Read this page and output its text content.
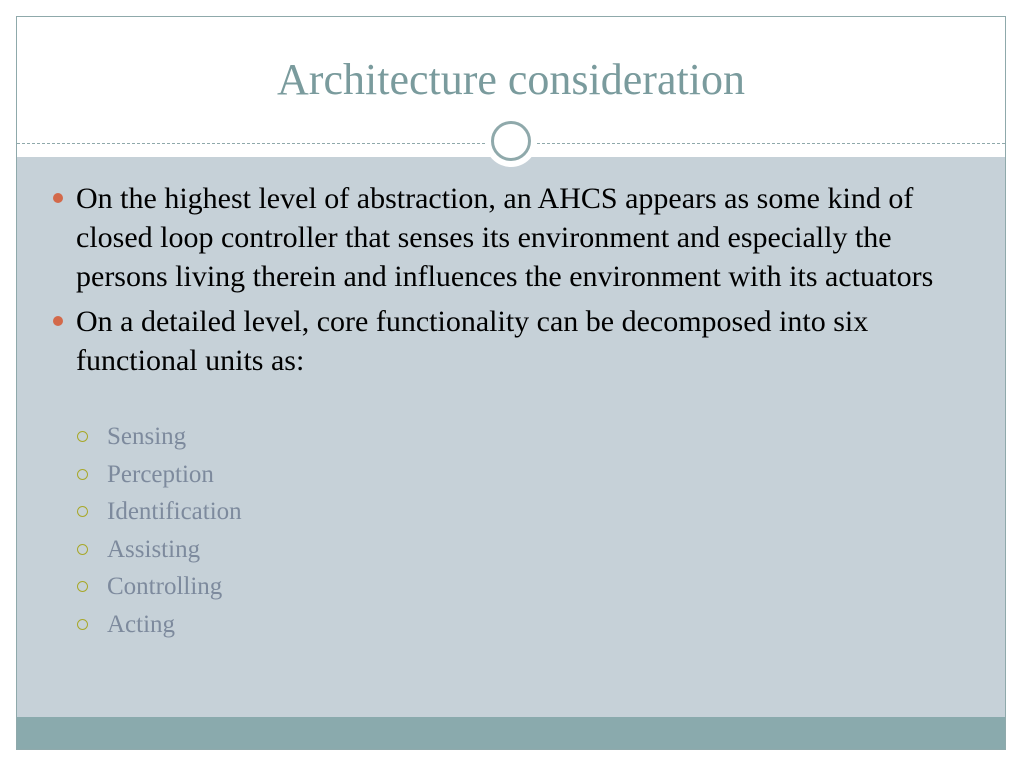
Architecture consideration
On the highest level of abstraction, an AHCS appears as some kind of closed loop controller that senses its environment and especially the persons living therein and influences the environment with its actuators
On a detailed level, core functionality can be decomposed into six functional units as:
Sensing
Perception
Identification
Assisting
Controlling
Acting
